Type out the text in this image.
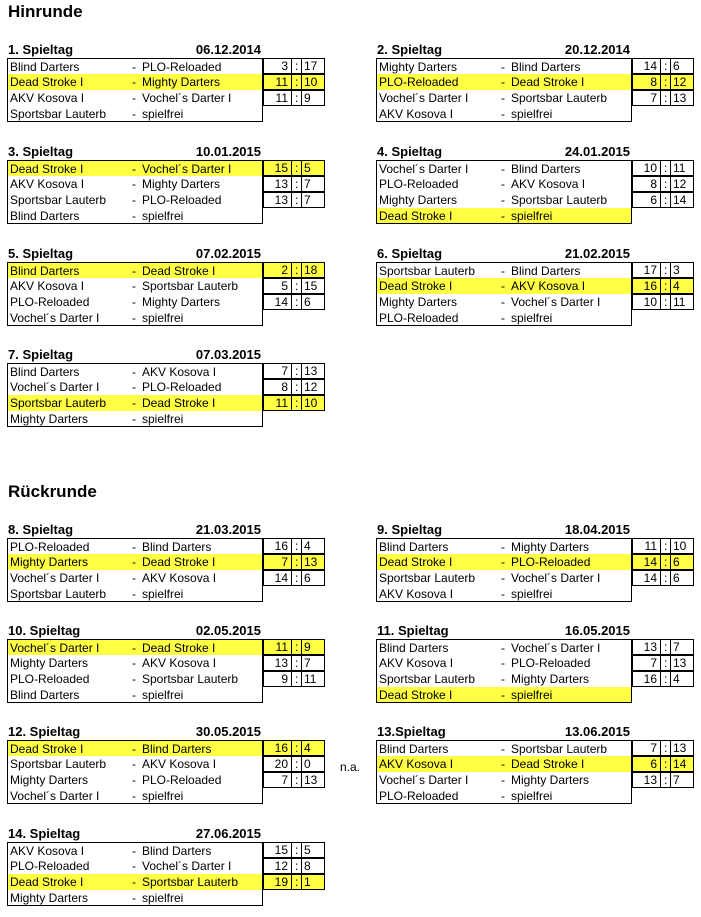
Hinrunde
Rückrunde
n.a.
1. Spieltag	06.12.2014
Blind Darters	- PLO-Reloaded	3 : 17
Dead Stroke I	- Mighty Darters	11 : 10
AKV Kosova I	- Vochel´s Darter I	11 : 9
Sportsbar Lauterb - spielfrei
2. Spieltag	20.12.2014
Mighty Darters	- Blind Darters	14 : 6
PLO-Reloaded	- Dead Stroke I	8 : 12
Vochel´s Darter I	- Sportsbar Lauterb	7 : 13
AKV Kosova I	- spielfrei
3. Spieltag	10.01.2015
Dead Stroke I	- Vochel´s Darter I	15 : 5
AKV Kosova I	- Mighty Darters	13 : 7
Sportsbar Lauterb - PLO-Reloaded	13 : 7
Blind Darters	- spielfrei
4. Spieltag	24.01.2015
Vochel´s Darter I	- Blind Darters	10 : 11
PLO-Reloaded	- AKV Kosova I	8 : 12
Mighty Darters	- Sportsbar Lauterb	6 : 14
Dead Stroke I	- spielfrei
5. Spieltag	07.02.2015
Blind Darters	- Dead Stroke I	2 : 18
AKV Kosova I	- Sportsbar Lauterb	5 : 15
PLO-Reloaded	- Mighty Darters	14 : 6
Vochel´s Darter I	- spielfrei
6. Spieltag	21.02.2015
Sportsbar Lauterb - Blind Darters	17 : 3
Dead Stroke I	- AKV Kosova I	16 : 4
Mighty Darters	- Vochel´s Darter I	10 : 11
PLO-Reloaded	- spielfrei
7. Spieltag	07.03.2015
Blind Darters	- AKV Kosova I	7 : 13
Vochel´s Darter I	- PLO-Reloaded	8 : 12
Sportsbar Lauterb - Dead Stroke I	11 : 10
Mighty Darters	- spielfrei
8. Spieltag	21.03.2015
PLO-Reloaded	- Blind Darters	16 : 4
Mighty Darters	- Dead Stroke I	7 : 13
Vochel´s Darter I	- AKV Kosova I	14 : 6
Sportsbar Lauterb - spielfrei
9. Spieltag	18.04.2015
Blind Darters	- Mighty Darters	11 : 10
Dead Stroke I	- PLO-Reloaded	14 : 6
Sportsbar Lauterb - Vochel´s Darter I	14 : 6
AKV Kosova I	- spielfrei
10. Spieltag	02.05.2015
Vochel´s Darter I	- Dead Stroke I	11 : 9
Mighty Darters	- AKV Kosova I	13 : 7
PLO-Reloaded	- Sportsbar Lauterb	9 : 11
Blind Darters	- spielfrei
11. Spieltag	16.05.2015
Blind Darters	- Vochel´s Darter I	13 : 7
AKV Kosova I	- PLO-Reloaded	7 : 13
Sportsbar Lauterb - Mighty Darters	16 : 4
Dead Stroke I	- spielfrei
12. Spieltag	30.05.2015
Dead Stroke I	- Blind Darters	16 : 4
Sportsbar Lauterb - AKV Kosova I	20 : 0
Mighty Darters	- PLO-Reloaded	7 : 13
Vochel´s Darter I	- spielfrei
13.Spieltag	13.06.2015
Blind Darters	- Sportsbar Lauterb	7 : 13
AKV Kosova I	- Dead Stroke I	6 : 14
Vochel´s Darter I	- Mighty Darters	13 : 7
PLO-Reloaded	- spielfrei
14. Spieltag	27.06.2015
AKV Kosova I	- Blind Darters	15 : 5
PLO-Reloaded	- Vochel´s Darter I	12 : 8
Dead Stroke I	- Sportsbar Lauterb	19 : 1
Mighty Darters	- spielfrei
